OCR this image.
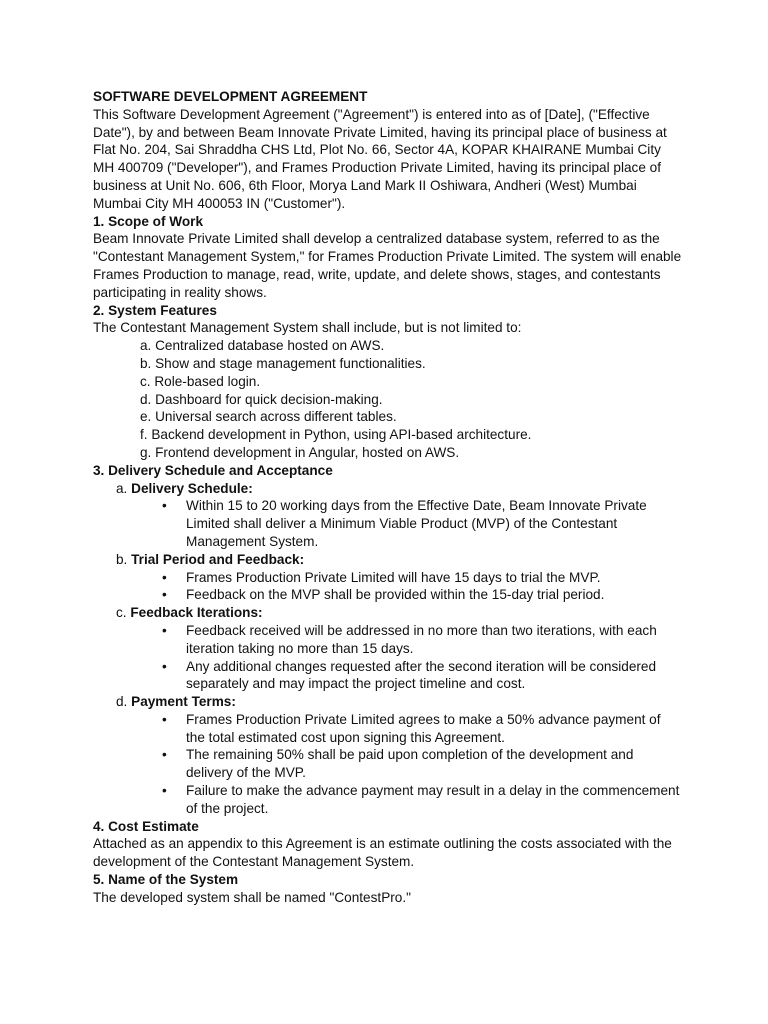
SOFTWARE DEVELOPMENT AGREEMENT

This Software Development Agreement ("Agreement") is entered into as of [Date], ("Effective Date"), by and between Beam Innovate Private Limited, having its principal place of business at Flat No. 204, Sai Shraddha CHS Ltd, Plot No. 66, Sector 4A, KOPAR KHAIRANE Mumbai City MH 400709 ("Developer"), and Frames Production Private Limited, having its principal place of business at Unit No. 606, 6th Floor, Morya Land Mark II Oshiwara, Andheri (West) Mumbai Mumbai City MH 400053 IN ("Customer").

1. Scope of Work

Beam Innovate Private Limited shall develop a centralized database system, referred to as the "Contestant Management System," for Frames Production Private Limited. The system will enable Frames Production to manage, read, write, update, and delete shows, stages, and contestants participating in reality shows.

2. System Features

The Contestant Management System shall include, but is not limited to:

a. Centralized database hosted on AWS.
b. Show and stage management functionalities.
c. Role-based login.
d. Dashboard for quick decision-making.
e. Universal search across different tables.
f. Backend development in Python, using API-based architecture.
g. Frontend development in Angular, hosted on AWS.

3. Delivery Schedule and Acceptance

a. Delivery Schedule:
• Within 15 to 20 working days from the Effective Date, Beam Innovate Private Limited shall deliver a Minimum Viable Product (MVP) of the Contestant Management System.
b. Trial Period and Feedback:
• Frames Production Private Limited will have 15 days to trial the MVP.
• Feedback on the MVP shall be provided within the 15-day trial period.
c. Feedback Iterations:
• Feedback received will be addressed in no more than two iterations, with each iteration taking no more than 15 days.
• Any additional changes requested after the second iteration will be considered separately and may impact the project timeline and cost.
d. Payment Terms:
• Frames Production Private Limited agrees to make a 50% advance payment of the total estimated cost upon signing this Agreement.
• The remaining 50% shall be paid upon completion of the development and delivery of the MVP.
• Failure to make the advance payment may result in a delay in the commencement of the project.

4. Cost Estimate

Attached as an appendix to this Agreement is an estimate outlining the costs associated with the development of the Contestant Management System.

5. Name of the System

The developed system shall be named "ContestPro."
